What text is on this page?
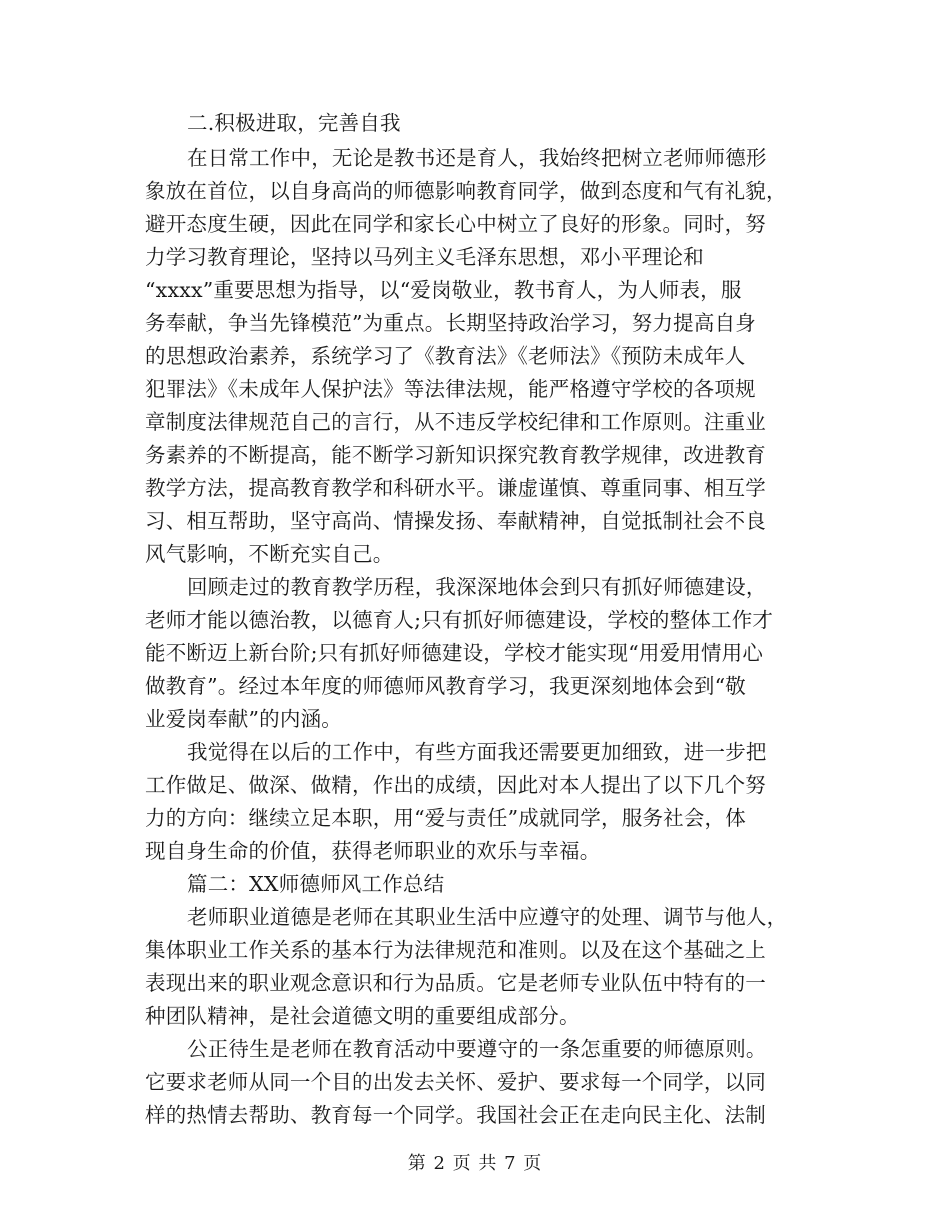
二.积极进取，完善自我
在日常工作中，无论是教书还是育人，我始终把树立老师师德形
象放在首位，以自身高尚的师德影响教育同学，做到态度和气有礼貌，
避开态度生硬，因此在同学和家长心中树立了良好的形象。同时，努
力学习教育理论，坚持以马列主义毛泽东思想，邓小平理论和
“xxxx”重要思想为指导，以“爱岗敬业，教书育人，为人师表，服
务奉献，争当先锋模范”为重点。长期坚持政治学习，努力提高自身
的思想政治素养，系统学习了《教育法》《老师法》《预防未成年人
犯罪法》《未成年人保护法》等法律法规，能严格遵守学校的各项规
章制度法律规范自己的言行，从不违反学校纪律和工作原则。注重业
务素养的不断提高，能不断学习新知识探究教育教学规律，改进教育
教学方法，提高教育教学和科研水平。谦虚谨慎、尊重同事、相互学
习、相互帮助，坚守高尚、情操发扬、奉献精神，自觉抵制社会不良
风气影响，不断充实自己。
回顾走过的教育教学历程，我深深地体会到只有抓好师德建设，
老师才能以德治教，以德育人;只有抓好师德建设，学校的整体工作才
能不断迈上新台阶;只有抓好师德建设，学校才能实现“用爱用情用心
做教育”。经过本年度的师德师风教育学习，我更深刻地体会到“敬
业爱岗奉献”的内涵。
我觉得在以后的工作中，有些方面我还需要更加细致，进一步把
工作做足、做深、做精，作出的成绩，因此对本人提出了以下几个努
力的方向：继续立足本职，用“爱与责任”成就同学，服务社会，体
现自身生命的价值，获得老师职业的欢乐与幸福。
篇二：XX师德师风工作总结
老师职业道德是老师在其职业生活中应遵守的处理、调节与他人，
集体职业工作关系的基本行为法律规范和准则。以及在这个基础之上
表现出来的职业观念意识和行为品质。它是老师专业队伍中特有的一
种团队精神，是社会道德文明的重要组成部分。
公正待生是老师在教育活动中要遵守的一条怎重要的师德原则。
它要求老师从同一个目的出发去关怀、爱护、要求每一个同学，以同
样的热情去帮助、教育每一个同学。我国社会正在走向民主化、法制
第 2 页 共 7 页
